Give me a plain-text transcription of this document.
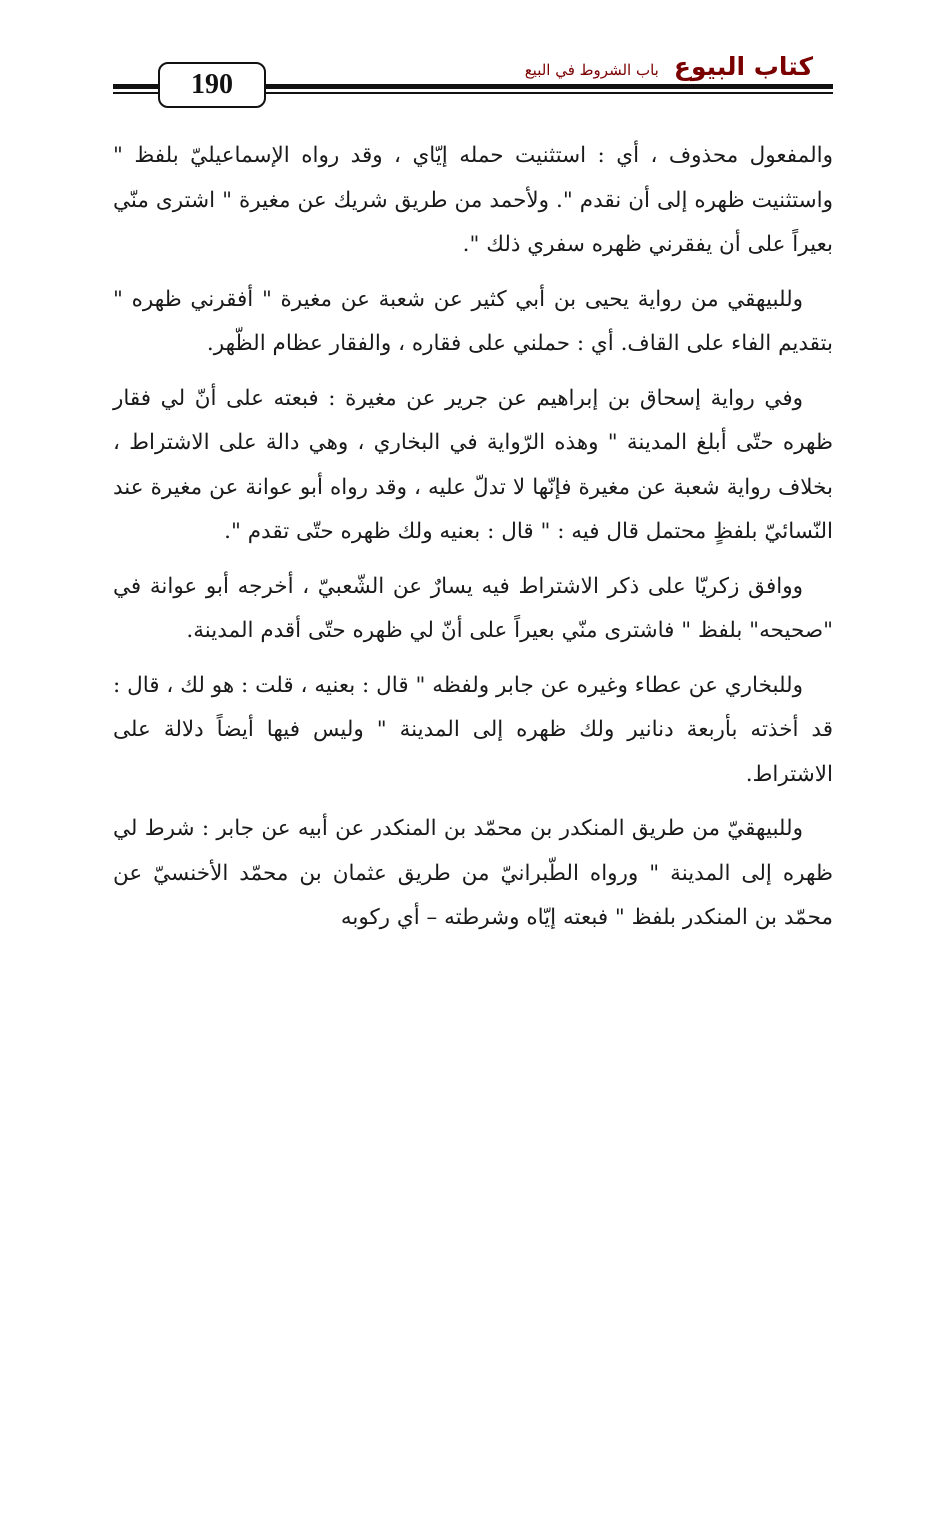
190
كتاب البيوع باب الشروط في البيع

والمفعول محذوف ، أي : استثنيت حمله إيّاي ، وقد رواه الإسماعيليّ بلفظ " واستثنيت ظهره إلى أن نقدم ". ولأحمد من طريق شريك عن مغيرة " اشترى منّي بعيراً على أن يفقرني ظهره سفري ذلك ".

وللبيهقي من رواية يحيى بن أبي كثير عن شعبة عن مغيرة " أفقرني ظهره " بتقديم الفاء على القاف. أي : حملني على فقاره ، والفقار عظام الظّهر.

وفي رواية إسحاق بن إبراهيم عن جرير عن مغيرة : فبعته على أنّ لي فقار ظهره حتّى أبلغ المدينة " وهذه الرّواية في البخاري ، وهي دالة على الاشتراط ، بخلاف رواية شعبة عن مغيرة فإنّها لا تدلّ عليه ، وقد رواه أبو عوانة عن مغيرة عند النّسائيّ بلفظٍ محتمل قال فيه : " قال : بعنيه ولك ظهره حتّى تقدم ".

ووافق زكريّا على ذكر الاشتراط فيه يسارٌ عن الشّعبيّ ، أخرجه أبو عوانة في "صحيحه" بلفظ " فاشترى منّي بعيراً على أنّ لي ظهره حتّى أقدم المدينة.

وللبخاري عن عطاء وغيره عن جابر ولفظه " قال : بعنيه ، قلت : هو لك ، قال : قد أخذته بأربعة دنانير ولك ظهره إلى المدينة " وليس فيها أيضاً دلالة على الاشتراط.

وللبيهقيّ من طريق المنكدر بن محمّد بن المنكدر عن أبيه عن جابر : شرط لي ظهره إلى المدينة " ورواه الطّبرانيّ من طريق عثمان بن محمّد الأخنسيّ عن محمّد بن المنكدر بلفظ " فبعته إيّاه وشرطته – أي ركوبه
